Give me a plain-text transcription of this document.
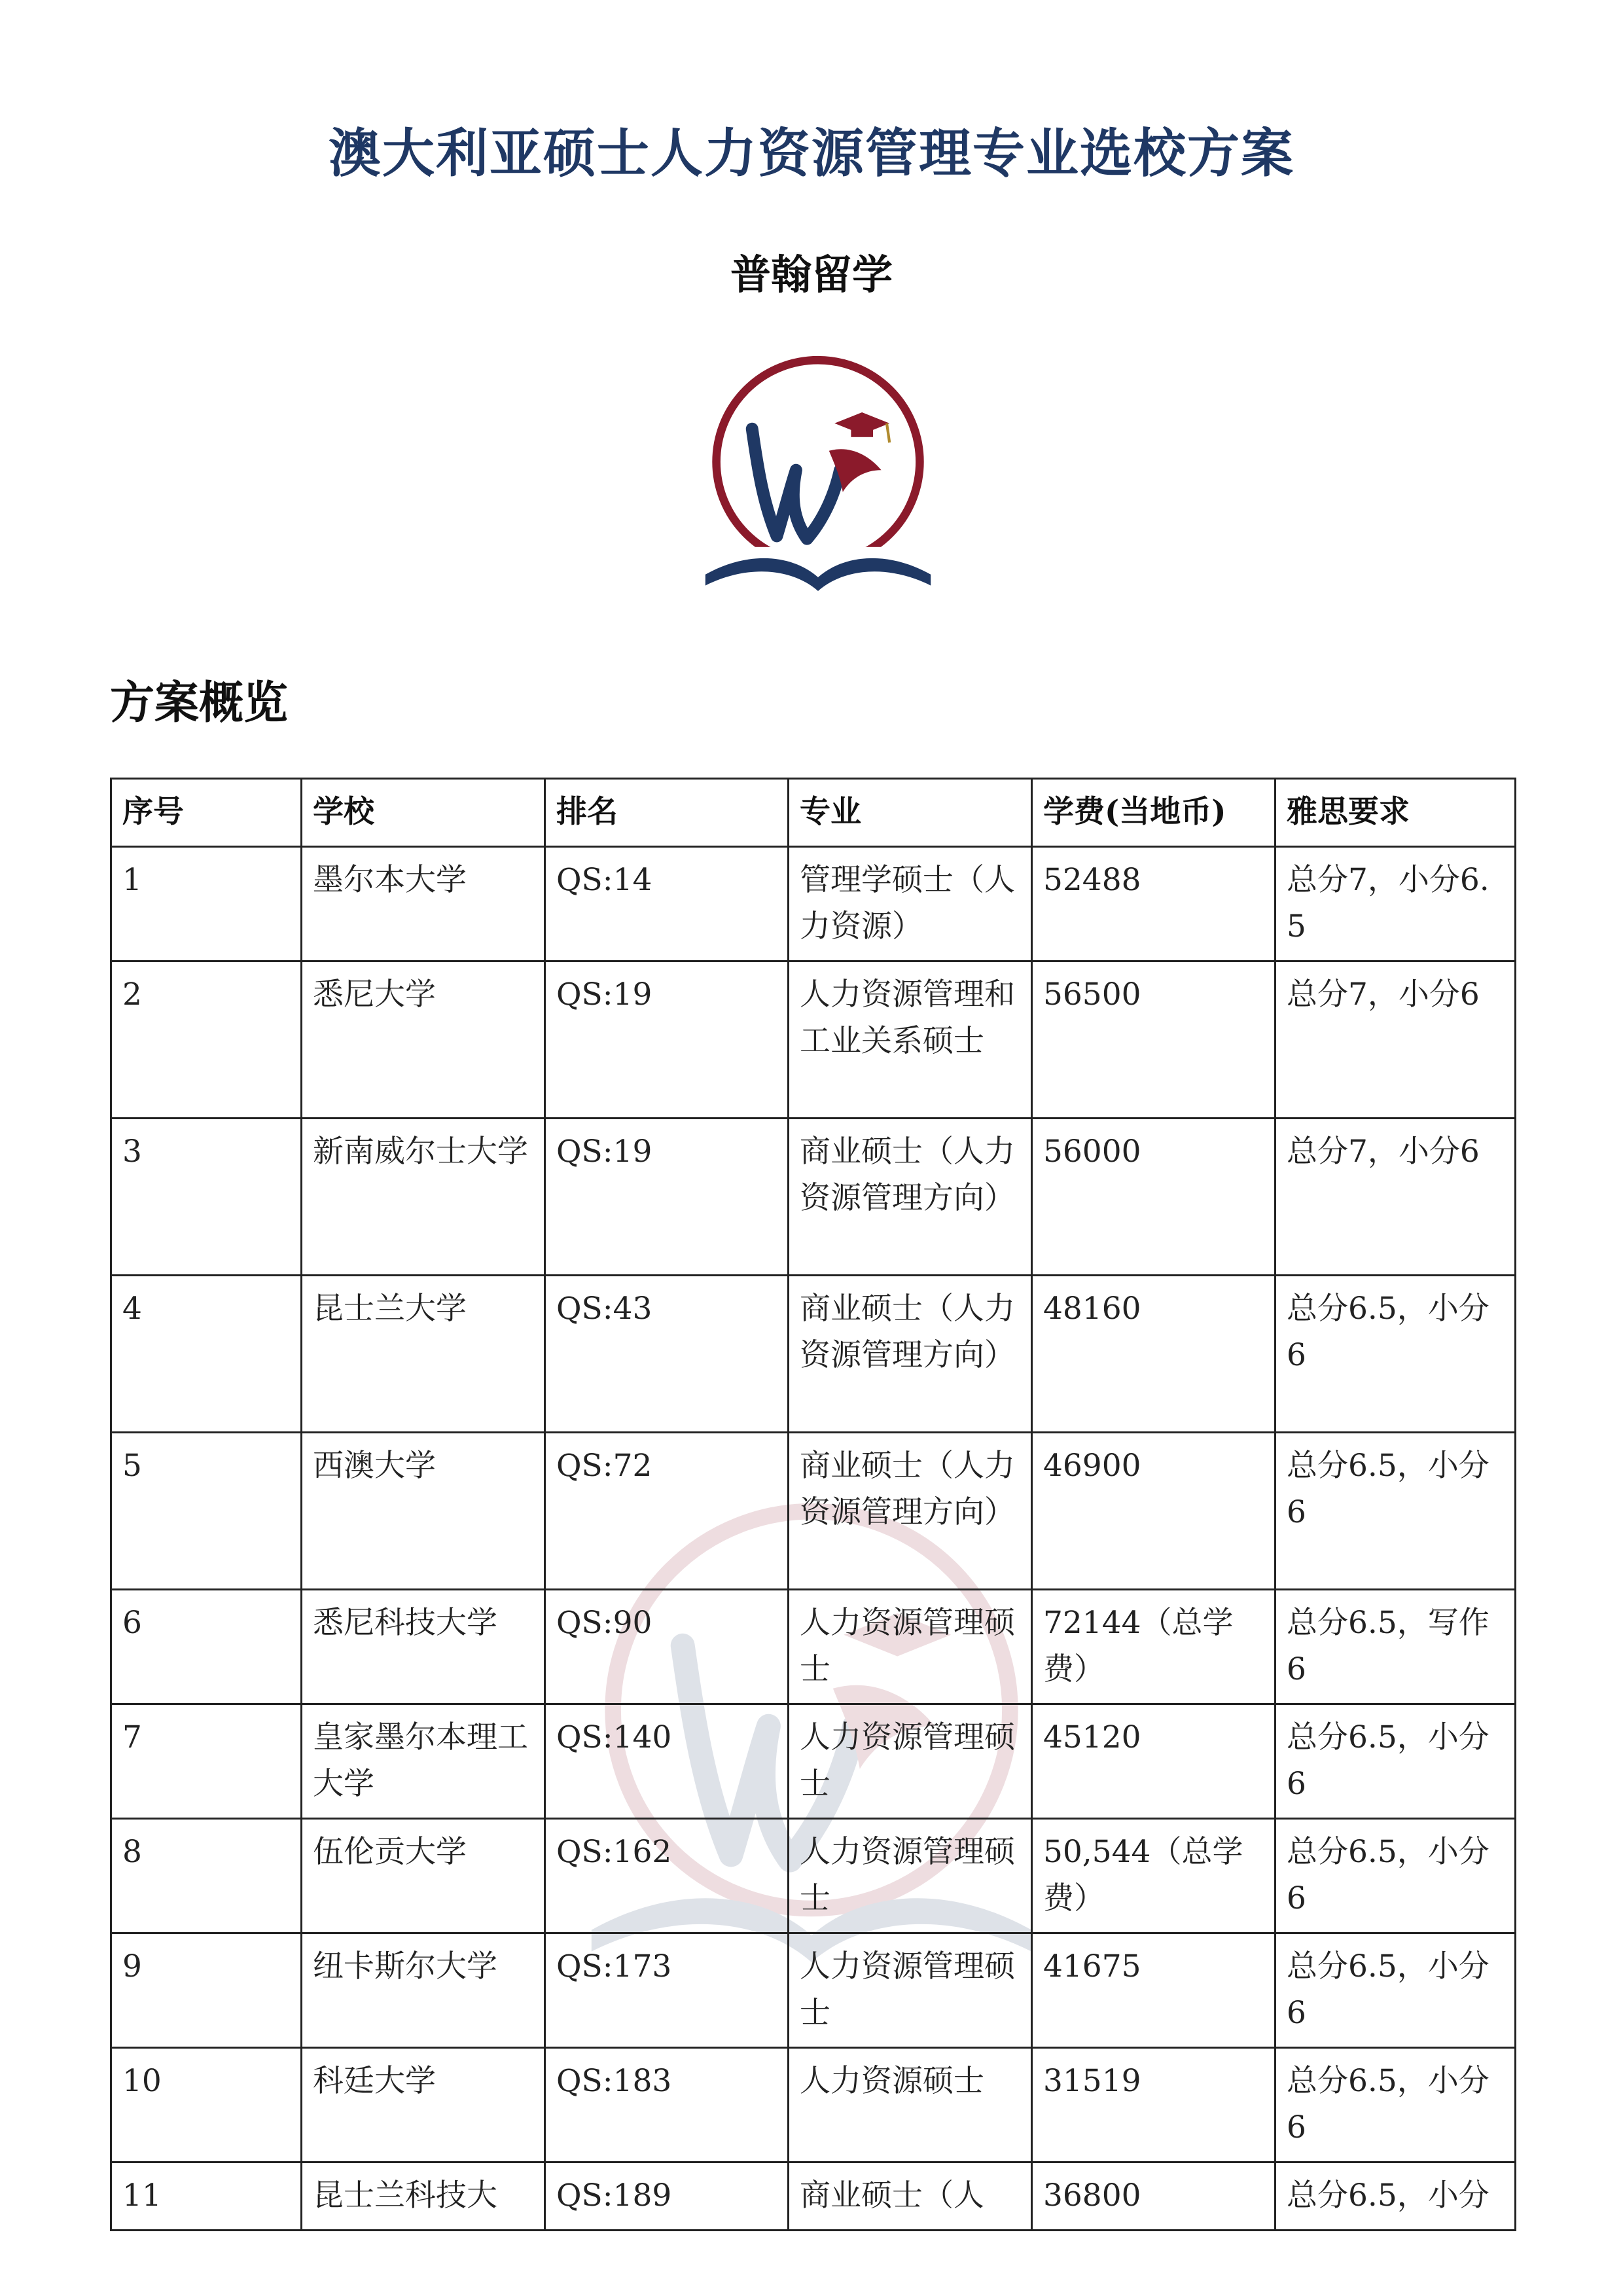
澳大利亚硕士人力资源管理专业选校方案
普翰留学
方案概览
序号	学校	排名	专业	学费(当地币)	雅思要求
1	墨尔本大学	QS:14	管理学硕士（人力资源）	52488	总分7，小分6.5
2	悉尼大学	QS:19	人力资源管理和工业关系硕士	56500	总分7，小分6
3	新南威尔士大学	QS:19	商业硕士（人力资源管理方向）	56000	总分7，小分6
4	昆士兰大学	QS:43	商业硕士（人力资源管理方向）	48160	总分6.5，小分6
5	西澳大学	QS:72	商业硕士（人力资源管理方向）	46900	总分6.5，小分6
6	悉尼科技大学	QS:90	人力资源管理硕士	72144（总学费）	总分6.5，写作6
7	皇家墨尔本理工大学	QS:140	人力资源管理硕士	45120	总分6.5，小分6
8	伍伦贡大学	QS:162	人力资源管理硕士	50,544（总学费）	总分6.5，小分6
9	纽卡斯尔大学	QS:173	人力资源管理硕士	41675	总分6.5，小分6
10	科廷大学	QS:183	人力资源硕士	31519	总分6.5，小分6
11	昆士兰科技大	QS:189	商业硕士（人	36800	总分6.5，小分
